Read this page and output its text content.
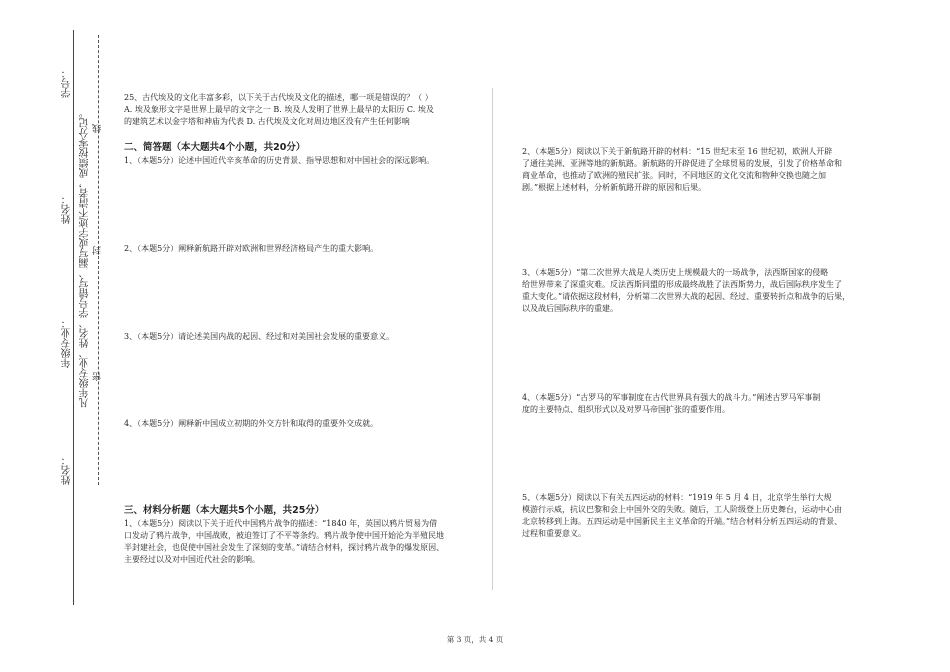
学号：
姓名：
年级专业：
姓名：
凡年级专业、姓名、学号错写、漏写或字迹不清者，成绩按零分记。 线
封
密
25、古代埃及的文化丰富多彩，以下关于古代埃及文化的描述，哪一项是错误的？（ ）
A. 埃及象形文字是世界上最早的文字之一 B. 埃及人发明了世界上最早的太阳历 C. 埃及
的建筑艺术以金字塔和神庙为代表 D. 古代埃及文化对周边地区没有产生任何影响
二、简答题（本大题共4个小题，共20分）
1、（本题5分）论述中国近代辛亥革命的历史背景、指导思想和对中国社会的深远影响。
2、（本题5分）阐释新航路开辟对欧洲和世界经济格局产生的重大影响。
3、（本题5分）请论述美国内战的起因、经过和对美国社会发展的重要意义。
4、（本题5分）阐释新中国成立初期的外交方针和取得的重要外交成就。
三、材料分析题（本大题共5个小题，共25分）
1、（本题5分）阅读以下关于近代中国鸦片战争的描述：“1840 年，英国以鸦片贸易为借
口发动了鸦片战争，中国战败，被迫签订了不平等条约。鸦片战争使中国开始沦为半殖民地
半封建社会，也促使中国社会发生了深刻的变革。”请结合材料，探讨鸦片战争的爆发原因、
主要经过以及对中国近代社会的影响。
2、（本题5分）阅读以下关于新航路开辟的材料：“15 世纪末至 16 世纪初，欧洲人开辟
了通往美洲、亚洲等地的新航路。新航路的开辟促进了全球贸易的发展，引发了价格革命和
商业革命，也推动了欧洲的殖民扩张。同时，不同地区的文化交流和物种交换也随之加
剧。”根据上述材料，分析新航路开辟的原因和后果。
3、（本题5分）“第二次世界大战是人类历史上规模最大的一场战争，法西斯国家的侵略
给世界带来了深重灾难。反法西斯同盟的形成最终战胜了法西斯势力，战后国际秩序发生了
重大变化。”请依据这段材料，分析第二次世界大战的起因、经过、重要转折点和战争的后果，
以及战后国际秩序的重建。
4、（本题5分）“古罗马的军事制度在古代世界具有强大的战斗力。”阐述古罗马军事制
度的主要特点、组织形式以及对罗马帝国扩张的重要作用。
5、（本题5分）阅读以下有关五四运动的材料：“1919 年 5 月 4 日，北京学生举行大规
模游行示威，抗议巴黎和会上中国外交的失败。随后，工人阶级登上历史舞台，运动中心由
北京转移到上海。五四运动是中国新民主主义革命的开端。”结合材料分析五四运动的背景、
过程和重要意义。
第 3 页，共 4 页
